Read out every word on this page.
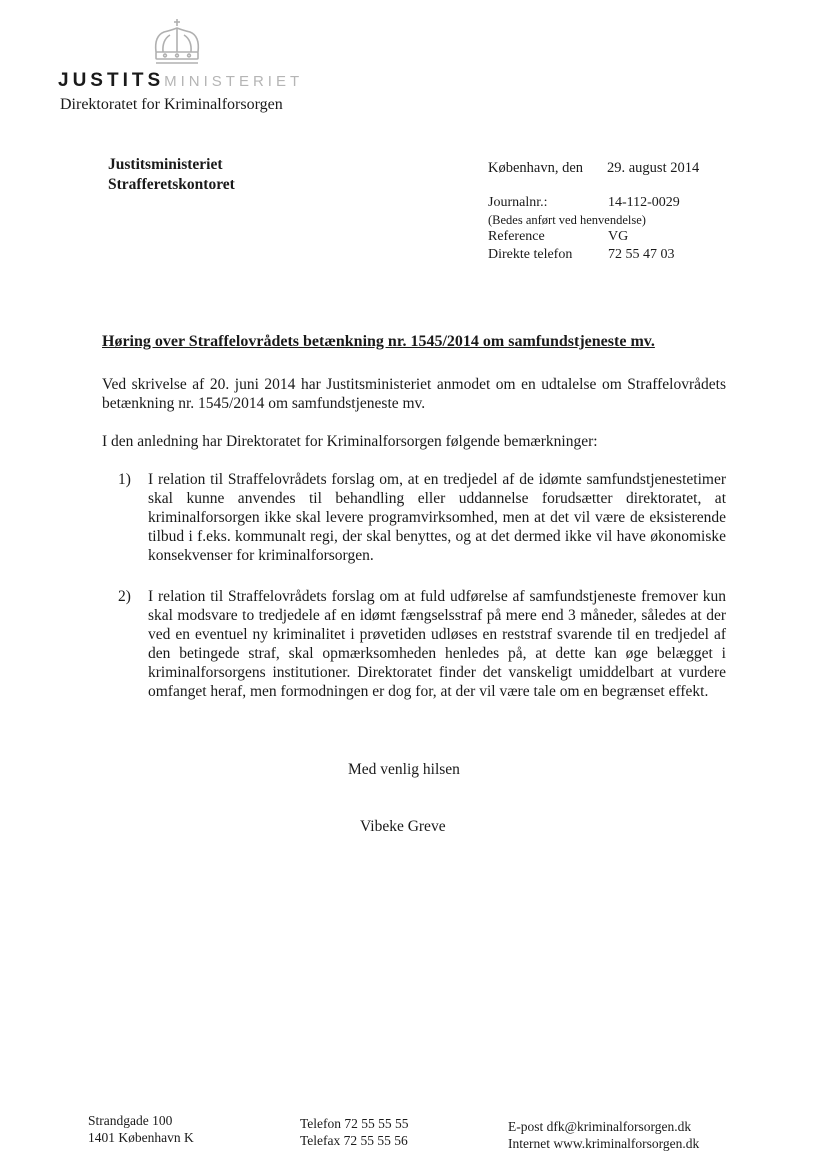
JUSTITSMINISTERIET
Direktoratet for Kriminalforsorgen
Justitsministeriet
Strafferetskontoret
København, den 29. august 2014
Journalnr.:	14-112-0029
(Bedes anført ved henvendelse)
Reference	VG
Direkte telefon	72 55 47 03
Høring over Straffelovrådets betænkning nr. 1545/2014 om samfundstjeneste mv.
Ved skrivelse af 20. juni 2014 har Justitsministeriet anmodet om en udtalelse om Straffelovrådets betænkning nr. 1545/2014 om samfundstjeneste mv.
I den anledning har Direktoratet for Kriminalforsorgen følgende bemærkninger:
1) I relation til Straffelovrådets forslag om, at en tredjedel af de idømte samfundstjenestetimer skal kunne anvendes til behandling eller uddannelse forudsætter direktoratet, at kriminalforsorgen ikke skal levere programvirksomhed, men at det vil være de eksisterende tilbud i f.eks. kommunalt regi, der skal benyttes, og at det dermed ikke vil have økonomiske konsekvenser for kriminalforsorgen.
2) I relation til Straffelovrådets forslag om at fuld udførelse af samfundstjeneste fremover kun skal modsvare to tredjedele af en idømt fængselsstraf på mere end 3 måneder, således at der ved en eventuel ny kriminalitet i prøvetiden udløses en reststraf svarende til en tredjedel af den betingede straf, skal opmærksomheden henledes på, at dette kan øge belægget i kriminalforsorgens institutioner. Direktoratet finder det vanskeligt umiddelbart at vurdere omfanget heraf, men formodningen er dog for, at der vil være tale om en begrænset effekt.
Med venlig hilsen
Vibeke Greve
Strandgade 100
1401 København K
Telefon 72 55 55 55
Telefax 72 55 55 56
E-post dfk@kriminalforsorgen.dk
Internet www.kriminalforsorgen.dk
